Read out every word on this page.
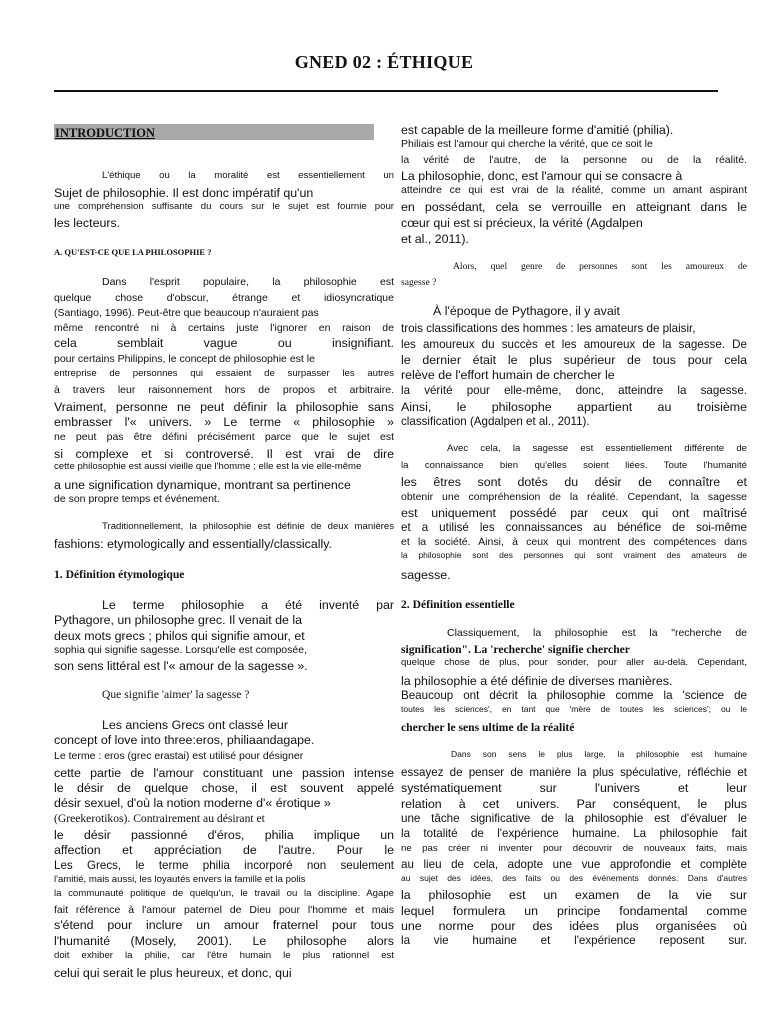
GNED 02 : ÉTHIQUE
INTRODUCTION
L'éthique ou la moralité est essentiellement un
Sujet de philosophie. Il est donc impératif qu'un
une compréhension suffisante du cours sur le sujet est fournie pour
les lecteurs.
A. QU'EST-CE QUE LA PHILOSOPHIE ?
Dans l'esprit populaire, la philosophie est
quelque chose d'obscur, étrange et idiosyncratique
(Santiago, 1996). Peut-être que beaucoup n'auraient pas
même rencontré ni à certains juste l'ignorer en raison de
cela semblait vague ou insignifiant.
pour certains Philippins, le concept de philosophie est le
entreprise de personnes qui essaient de surpasser les autres
à travers leur raisonnement hors de propos et arbitraire.
Vraiment, personne ne peut définir la philosophie sans
embrasser l'« univers. » Le terme « philosophie »
ne peut pas être défini précisément parce que le sujet est
si complexe et si controversé. Il est vrai de dire
cette philosophie est aussi vieille que l'homme ; elle est la vie elle-même
a une signification dynamique, montrant sa pertinence
de son propre temps et événement.
Traditionnellement, la philosophie est définie de deux manières
fashions: etymologically and essentially/classically.
1. Définition étymologique
Le terme philosophie a été inventé par
Pythagore, un philosophe grec. Il venait de la
deux mots grecs ; philos qui signifie amour, et
sophia qui signifie sagesse. Lorsqu'elle est composée,
son sens littéral est l'« amour de la sagesse ».
Que signifie 'aimer' la sagesse ?
Les anciens Grecs ont classé leur
concept of love into three:eros, philiaandagape.
Le terme : eros (grec erastai) est utilisé pour désigner
cette partie de l'amour constituant une passion intense
le désir de quelque chose, il est souvent appelé
désir sexuel, d'où la notion moderne d'« érotique »
(Greekerotikos). Contrairement au désirant et
le désir passionné d'éros, philia implique un
affection et appréciation de l'autre. Pour le
Les Grecs, le terme philia incorporé non seulement
l'amitié, mais aussi, les loyautés envers la famille et la polis
la communauté politique de quelqu'un, le travail ou la discipline. Agape
fait référence à l'amour paternel de Dieu pour l'homme et mais
s'étend pour inclure un amour fraternel pour tous
l'humanité (Mosely, 2001). Le philosophe alors
doit exhiber la philie, car l'être humain le plus rationnel est
celui qui serait le plus heureux, et donc, qui
est capable de la meilleure forme d'amitié (philia).
Philiais est l'amour qui cherche la vérité, que ce soit le
la vérité de l'autre, de la personne ou de la réalité.
La philosophie, donc, est l'amour qui se consacre à
atteindre ce qui est vrai de la réalité, comme un amant aspirant
en possédant, cela se verrouille en atteignant dans le
cœur qui est si précieux, la vérité (Agdalpen
et al., 2011).
Alors, quel genre de personnes sont les amoureux de
sagesse ?
À l'époque de Pythagore, il y avait
trois classifications des hommes : les amateurs de plaisir,
les amoureux du succès et les amoureux de la sagesse. De
le dernier était le plus supérieur de tous pour cela
relève de l'effort humain de chercher le
la vérité pour elle-même, donc, atteindre la sagesse.
Ainsi, le philosophe appartient au troisième
classification (Agdalpen et al., 2011).
Avec cela, la sagesse est essentiellement différente de
la connaissance bien qu'elles soient liées. Toute l'humanité
les êtres sont dotés du désir de connaître et
obtenir une compréhension de la réalité. Cependant, la sagesse
est uniquement possédé par ceux qui ont maîtrisé
et a utilisé les connaissances au bénéfice de soi-même
et la société. Ainsi, à ceux qui montrent des compétences dans
la philosophie sont des personnes qui sont vraiment des amateurs de
sagesse.
2. Définition essentielle
Classiquement, la philosophie est la "recherche de
signification". La 'recherche' signifie chercher
quelque chose de plus, pour sonder, pour aller au-delà. Cependant,
la philosophie a été définie de diverses manières.
Beaucoup ont décrit la philosophie comme la 'science de
toutes les sciences', en tant que 'mère de toutes les sciences'; ou le
chercher le sens ultime de la réalité
Dans son sens le plus large, la philosophie est humaine
essayez de penser de manière la plus spéculative, réfléchie et
systématiquement sur l'univers et leur
relation à cet univers. Par conséquent, le plus
une tâche significative de la philosophie est d'évaluer le
la totalité de l'expérience humaine. La philosophie fait
ne pas créer ni inventer pour découvrir de nouveaux faits, mais
au lieu de cela, adopte une vue approfondie et complète
au sujet des idées, des faits ou des événements donnés. Dans d'autres
la philosophie est un examen de la vie sur
lequel formulera un principe fondamental comme
une norme pour des idées plus organisées où
la vie humaine et l'expérience reposent sur.
